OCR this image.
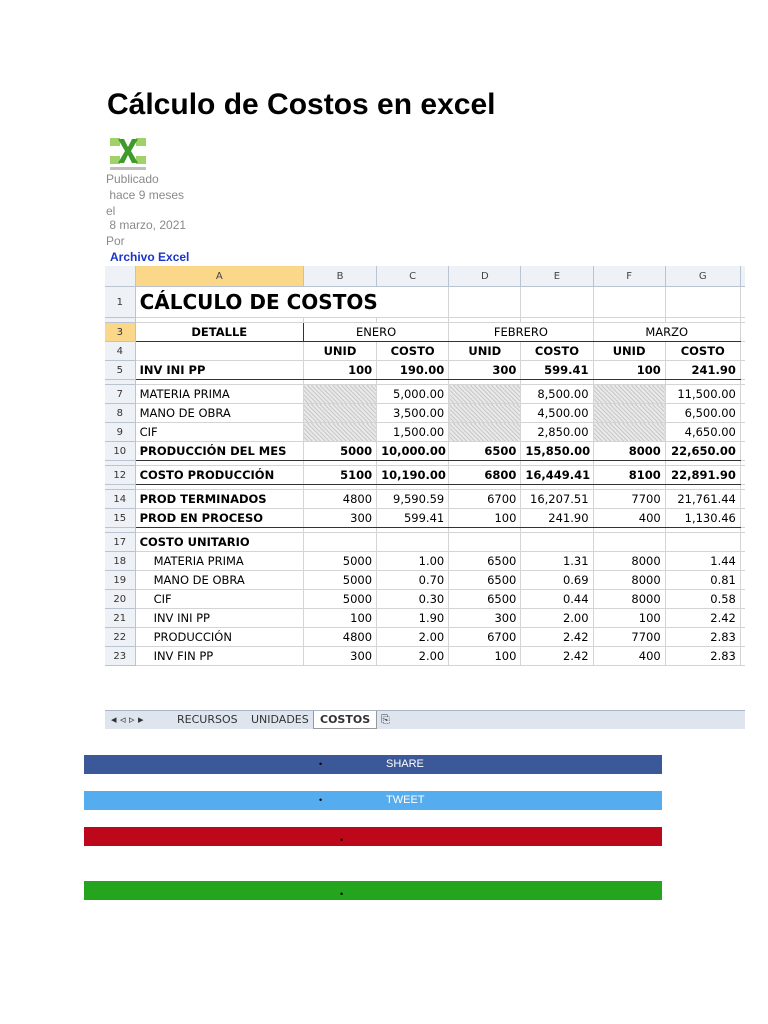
Cálculo de Costos en excel
Publicado
hace 9 meses
el
8 marzo, 2021
Por
Archivo Excel
	A	B	C	D	E	F	G	
1	CÁLCULO DE COSTOS							

3	DETALLE	ENERO		FEBRERO		MARZO		
4		UNID	COSTO	UNID	COSTO	UNID	COSTO	
5	INV INI PP	100	190.00	300	599.41	100	241.90	

7	MATERIA PRIMA		5,000.00		8,500.00		11,500.00	
8	MANO DE OBRA		3,500.00		4,500.00		6,500.00	
9	CIF		1,500.00		2,850.00		4,650.00	
10	PRODUCCIÓN DEL MES	5000	10,000.00	6500	15,850.00	8000	22,650.00	

12	COSTO PRODUCCIÓN	5100	10,190.00	6800	16,449.41	8100	22,891.90	

14	PROD TERMINADOS	4800	9,590.59	6700	16,207.51	7700	21,761.44	
15	PROD EN PROCESO	300	599.41	100	241.90	400	1,130.46	

17	COSTO UNITARIO							
18	MATERIA PRIMA	5000	1.00	6500	1.31	8000	1.44	
19	MANO DE OBRA	5000	0.70	6500	0.69	8000	0.81	
20	CIF	5000	0.30	6500	0.44	8000	0.58	
21	INV INI PP	100	1.90	300	2.00	100	2.42	
22	PRODUCCIÓN	4800	2.00	6700	2.42	7700	2.83	
23	INV FIN PP	300	2.00	100	2.42	400	2.83	
◂ ◃ ▹ ▸	RECURSOS UNIDADES	COSTOS ⎘
•	SHARE
•	TWEET
•
•
